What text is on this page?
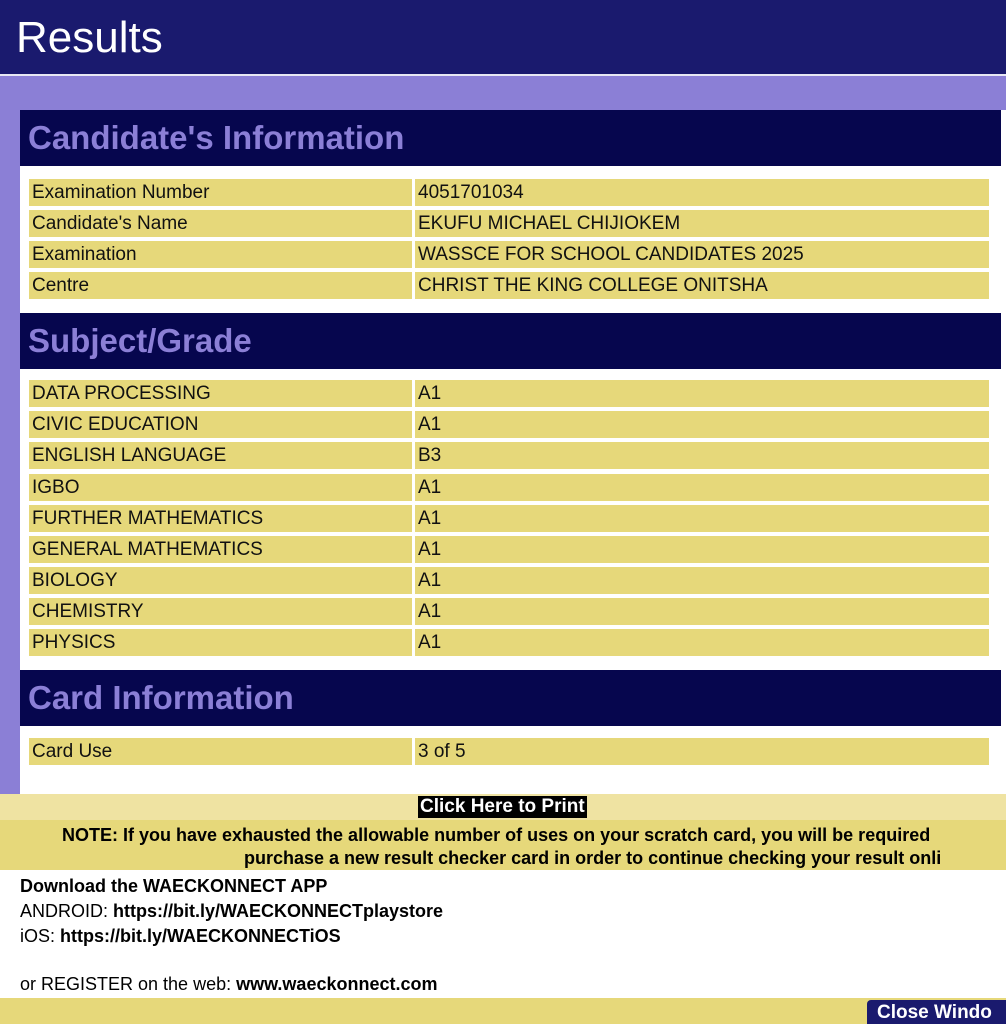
Results
Candidate's Information
Examination Number	4051701034
Candidate's Name	EKUFU MICHAEL CHIJIOKEM
Examination	WASSCE FOR SCHOOL CANDIDATES 2025
Centre	CHRIST THE KING COLLEGE ONITSHA
Subject/Grade
DATA PROCESSING	A1
CIVIC EDUCATION	A1
ENGLISH LANGUAGE	B3
IGBO	A1
FURTHER MATHEMATICS	A1
GENERAL MATHEMATICS	A1
BIOLOGY	A1
CHEMISTRY	A1
PHYSICS	A1
Card Information
Card Use	3 of 5
Click Here to Print
NOTE: If you have exhausted the allowable number of uses on your scratch card, you will be required
purchase a new result checker card in order to continue checking your result onli
Download the WAECKONNECT APP
ANDROID: https://bit.ly/WAECKONNECTplaystore
iOS: https://bit.ly/WAECKONNECTiOS
or REGISTER on the web: www.waeckonnect.com
Close Windo
